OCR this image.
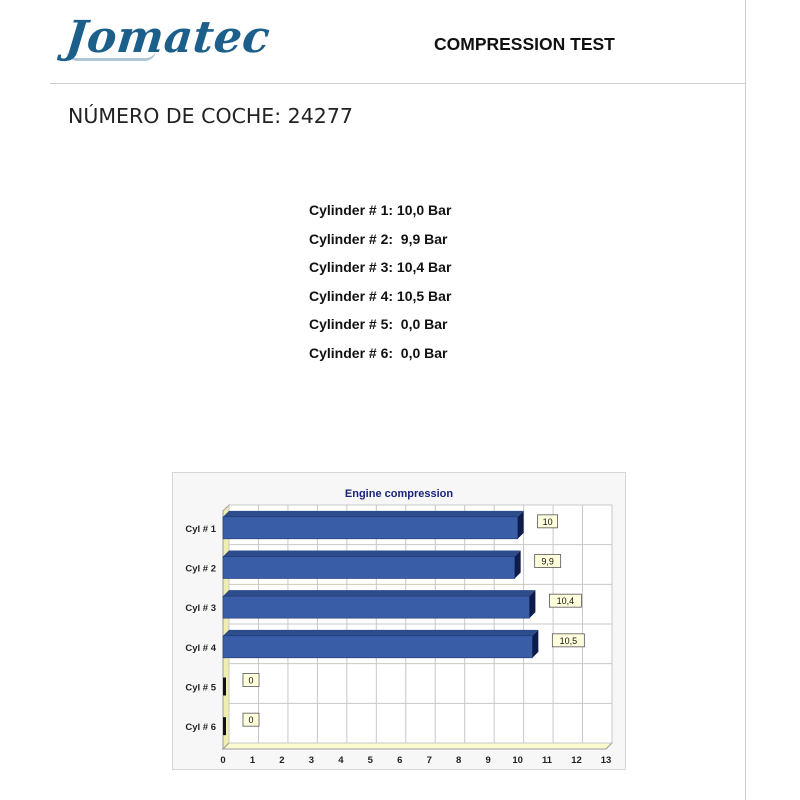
Jomatec	COMPRESSION TEST
NÚMERO DE COCHE: 24277
Cylinder # 1: 10,0 Bar
Cylinder # 2:  9,9 Bar
Cylinder # 3: 10,4 Bar
Cylinder # 4: 10,5 Bar
Cylinder # 5:  0,0 Bar
Cylinder # 6:  0,0 Bar
Engine compression
0	1	2	3	4	5	6	7	8	9 10 11 12 13
Cyl # 1
10
Cyl # 2
9,9
Cyl # 3
10,4
Cyl # 4
10,5
Cyl # 5
0
Cyl # 6
0
